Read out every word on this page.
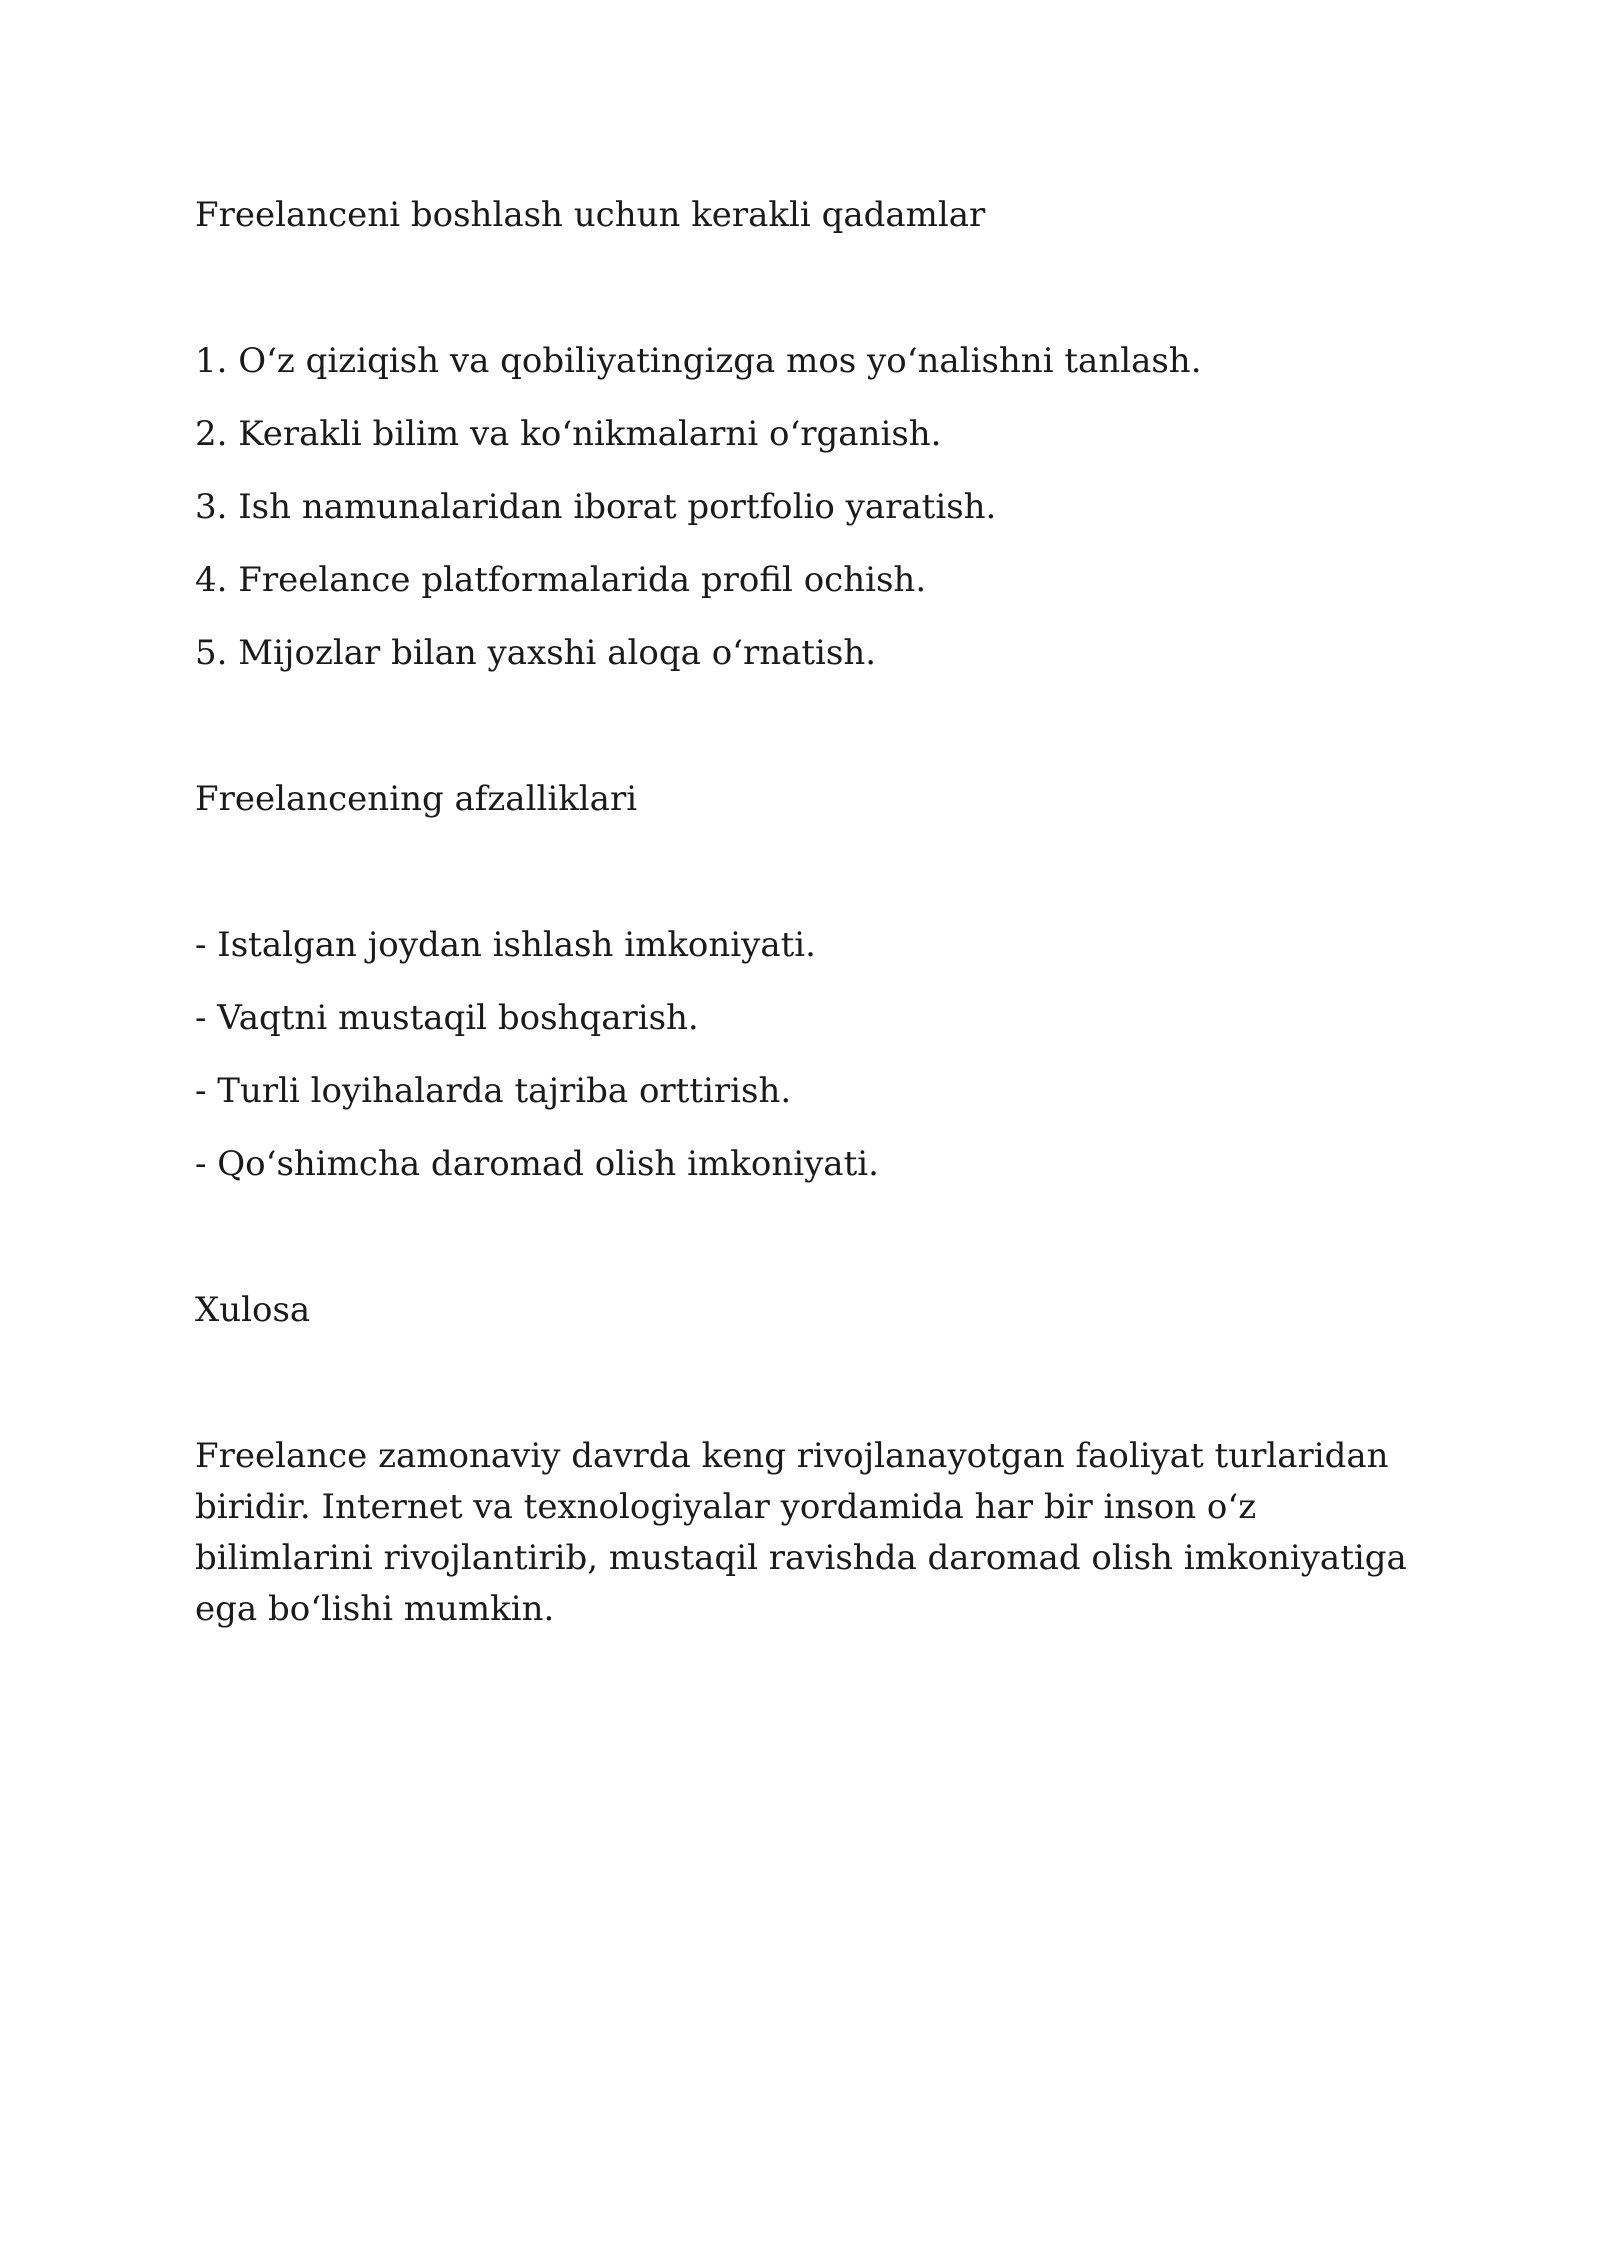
Freelanceni boshlash uchun kerakli qadamlar

1. O‘z qiziqish va qobiliyatingizga mos yo‘nalishni tanlash.
2. Kerakli bilim va ko‘nikmalarni o‘rganish.
3. Ish namunalaridan iborat portfolio yaratish.
4. Freelance platformalarida profil ochish.
5. Mijozlar bilan yaxshi aloqa o‘rnatish.

Freelancening afzalliklari

- Istalgan joydan ishlash imkoniyati.
- Vaqtni mustaqil boshqarish.
- Turli loyihalarda tajriba orttirish.
- Qo‘shimcha daromad olish imkoniyati.

Xulosa

Freelance zamonaviy davrda keng rivojlanayotgan faoliyat turlaridan biridir. Internet va texnologiyalar yordamida har bir inson o‘z bilimlarini rivojlantirib, mustaqil ravishda daromad olish imkoniyatiga ega bo‘lishi mumkin.
